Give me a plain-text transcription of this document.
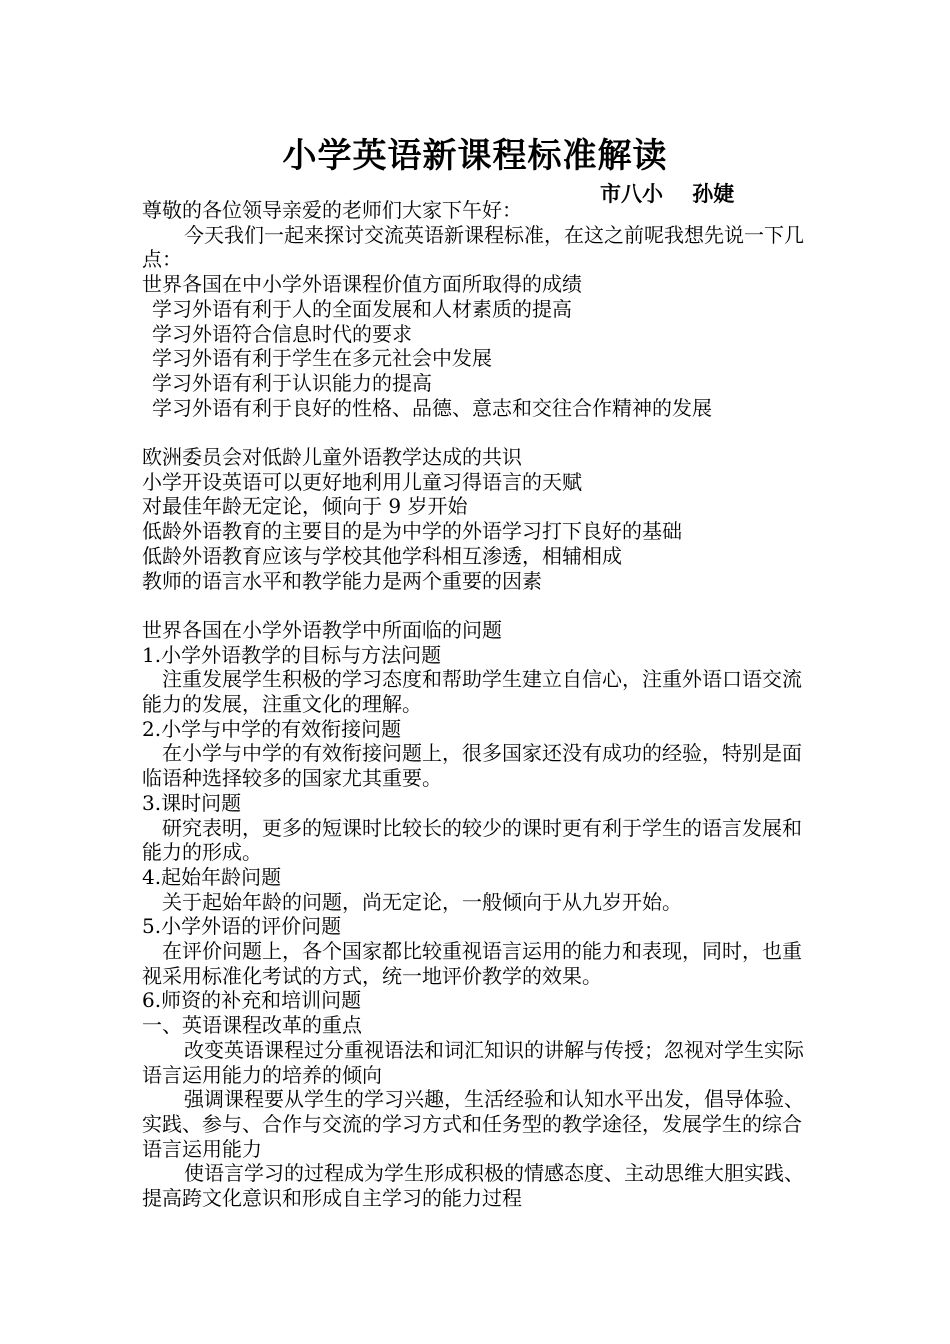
小学英语新课程标准解读
市八小    孙婕

尊敬的各位领导亲爱的老师们大家下午好：

今天我们一起来探讨交流英语新课程标准，在这之前呢我想先说一下几点：

世界各国在中小学外语课程价值方面所取得的成绩

学习外语有利于人的全面发展和人材素质的提高

学习外语符合信息时代的要求

学习外语有利于学生在多元社会中发展

学习外语有利于认识能力的提高

学习外语有利于良好的性格、品德、意志和交往合作精神的发展

欧洲委员会对低龄儿童外语教学达成的共识

小学开设英语可以更好地利用儿童习得语言的天赋

对最佳年龄无定论，倾向于 9 岁开始

低龄外语教育的主要目的是为中学的外语学习打下良好的基础

低龄外语教育应该与学校其他学科相互渗透，相辅相成

教师的语言水平和教学能力是两个重要的因素

世界各国在小学外语教学中所面临的问题

1.小学外语教学的目标与方法问题

注重发展学生积极的学习态度和帮助学生建立自信心，注重外语口语交流能力的发展，注重文化的理解。

2.小学与中学的有效衔接问题

在小学与中学的有效衔接问题上，很多国家还没有成功的经验，特别是面临语种选择较多的国家尤其重要。

3.课时问题

研究表明，更多的短课时比较长的较少的课时更有利于学生的语言发展和能力的形成。

4.起始年龄问题

关于起始年龄的问题，尚无定论，一般倾向于从九岁开始。

5.小学外语的评价问题

在评价问题上，各个国家都比较重视语言运用的能力和表现，同时，也重视采用标准化考试的方式，统一地评价教学的效果。

6.师资的补充和培训问题

一、英语课程改革的重点

改变英语课程过分重视语法和词汇知识的讲解与传授；忽视对学生实际语言运用能力的培养的倾向

强调课程要从学生的学习兴趣，生活经验和认知水平出发，倡导体验、实践、参与、合作与交流的学习方式和任务型的教学途径，发展学生的综合语言运用能力

使语言学习的过程成为学生形成积极的情感态度、主动思维大胆实践、提高跨文化意识和形成自主学习的能力过程
